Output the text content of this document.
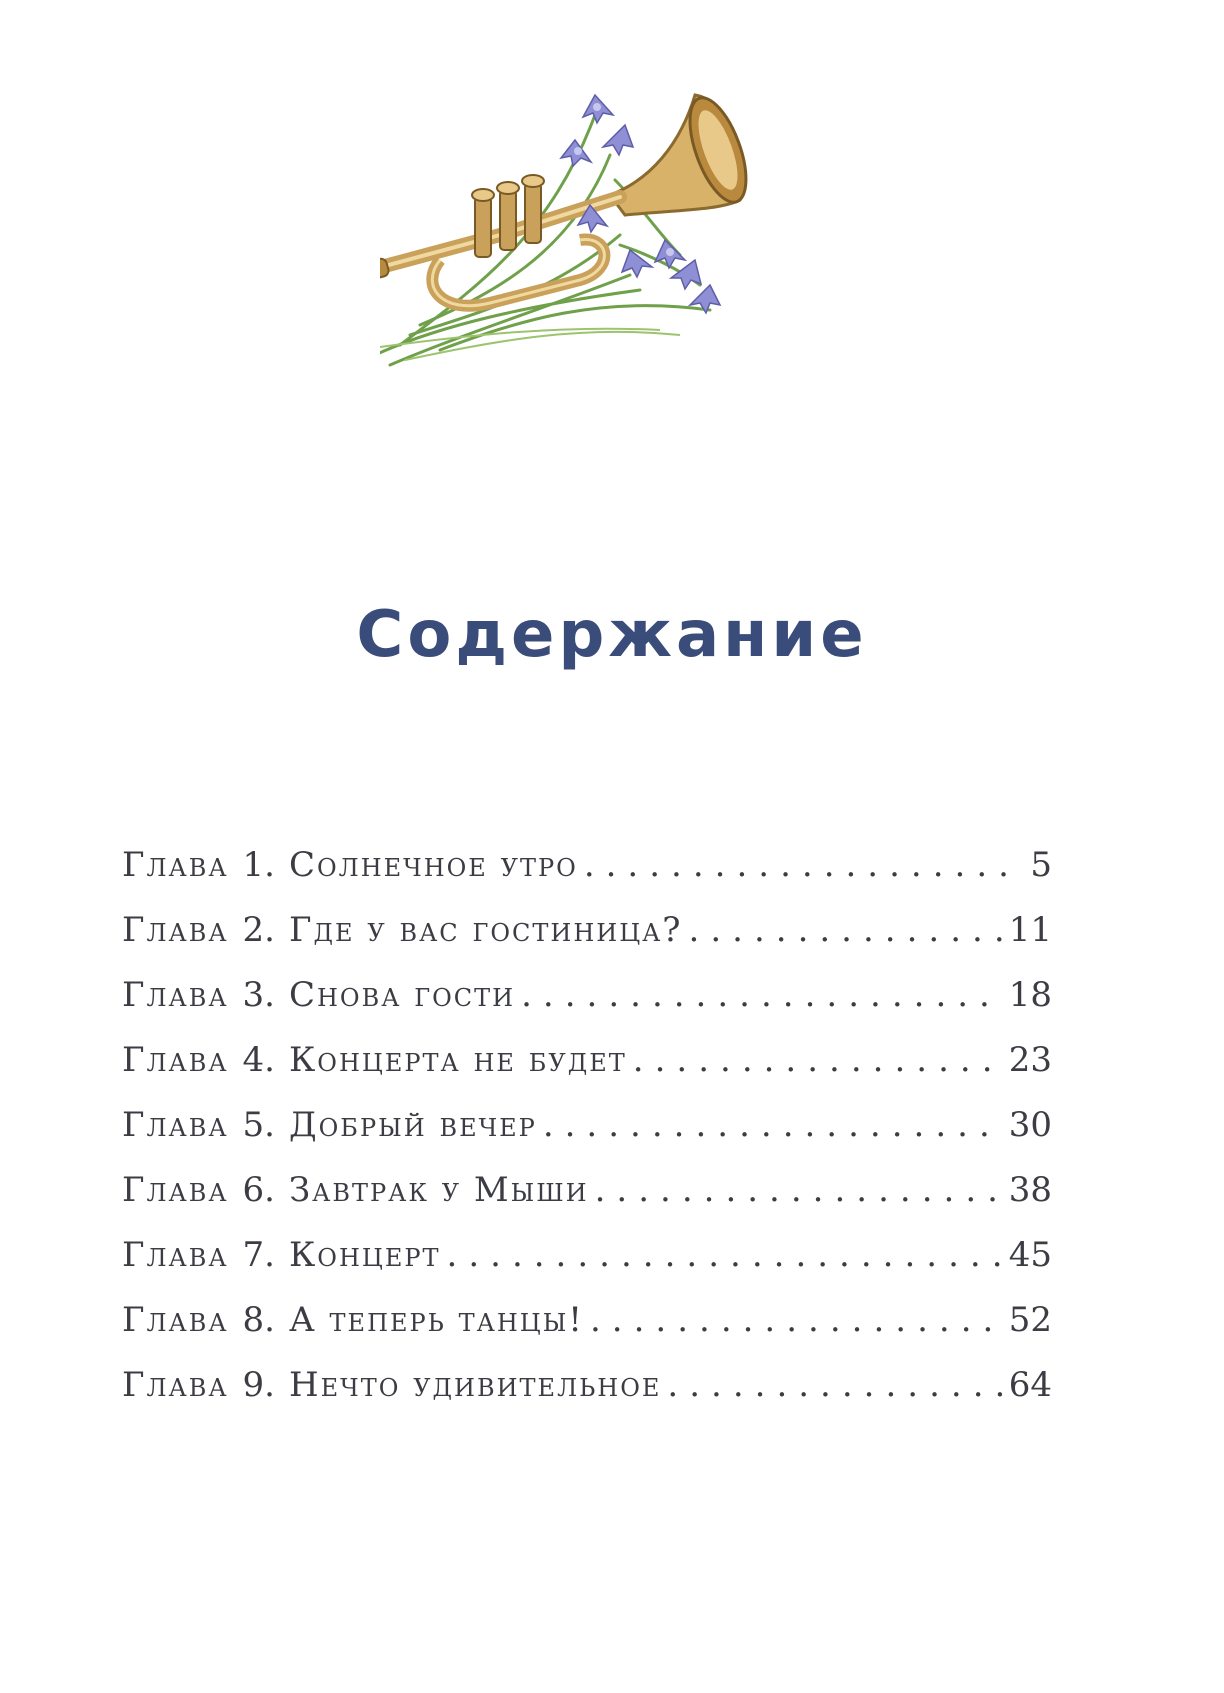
Содержание
Глава 1. Солнечное утро .....	5
Глава 2. Где у вас гостиница? .....	11
Глава 3. Снова гости .....	18
Глава 4. Концерта не будет .....	23
Глава 5. Добрый вечер .....	30
Глава 6. Завтрак у Мыши .....	38
Глава 7. Концерт .....	45
Глава 8. А теперь танцы! .....	52
Глава 9. Нечто удивительное .....	64
